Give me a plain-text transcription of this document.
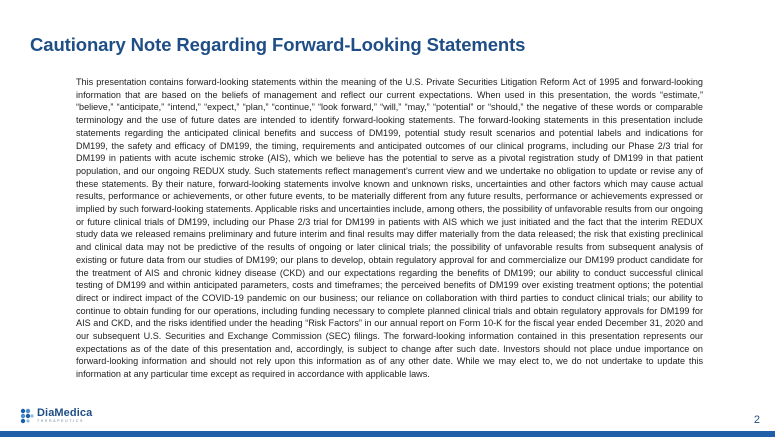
Cautionary Note Regarding Forward-Looking Statements
This presentation contains forward-looking statements within the meaning of the U.S. Private Securities Litigation Reform Act of 1995 and forward-looking information that are based on the beliefs of management and reflect our current expectations. When used in this presentation, the words “estimate,” “believe,” “anticipate,” “intend,” “expect,” “plan,” “continue,” “look forward,” “will,” “may,” “potential” or “should,” the negative of these words or comparable terminology and the use of future dates are intended to identify forward-looking statements. The forward-looking statements in this presentation include statements regarding the anticipated clinical benefits and success of DM199, potential study result scenarios and potential labels and indications for DM199, the safety and efficacy of DM199, the timing, requirements and anticipated outcomes of our clinical programs, including our Phase 2/3 trial for DM199 in patients with acute ischemic stroke (AIS), which we believe has the potential to serve as a pivotal registration study of DM199 in that patient population, and our ongoing REDUX study. Such statements reflect management’s current view and we undertake no obligation to update or revise any of these statements. By their nature, forward-looking statements involve known and unknown risks, uncertainties and other factors which may cause actual results, performance or achievements, or other future events, to be materially different from any future results, performance or achievements expressed or implied by such forward-looking statements. Applicable risks and uncertainties include, among others, the possibility of unfavorable results from our ongoing or future clinical trials of DM199, including our Phase 2/3 trial for DM199 in patients with AIS which we just initiated and the fact that the interim REDUX study data we released remains preliminary and future interim and final results may differ materially from the data released; the risk that existing preclinical and clinical data may not be predictive of the results of ongoing or later clinical trials; the possibility of unfavorable results from subsequent analysis of existing or future data from our studies of DM199; our plans to develop, obtain regulatory approval for and commercialize our DM199 product candidate for the treatment of AIS and chronic kidney disease (CKD) and our expectations regarding the benefits of DM199; our ability to conduct successful clinical testing of DM199 and within anticipated parameters, costs and timeframes; the perceived benefits of DM199 over existing treatment options; the potential direct or indirect impact of the COVID-19 pandemic on our business; our reliance on collaboration with third parties to conduct clinical trials; our ability to continue to obtain funding for our operations, including funding necessary to complete planned clinical trials and obtain regulatory approvals for DM199 for AIS and CKD, and the risks identified under the heading “Risk Factors” in our annual report on Form 10-K for the fiscal year ended December 31, 2020 and our subsequent U.S. Securities and Exchange Commission (SEC) filings. The forward-looking information contained in this presentation represents our expectations as of the date of this presentation and, accordingly, is subject to change after such date. Investors should not place undue importance on forward-looking information and should not rely upon this information as of any other date. While we may elect to, we do not undertake to update this information at any particular time except as required in accordance with applicable laws.
DiaMedica
THERAPEUTICS	2
